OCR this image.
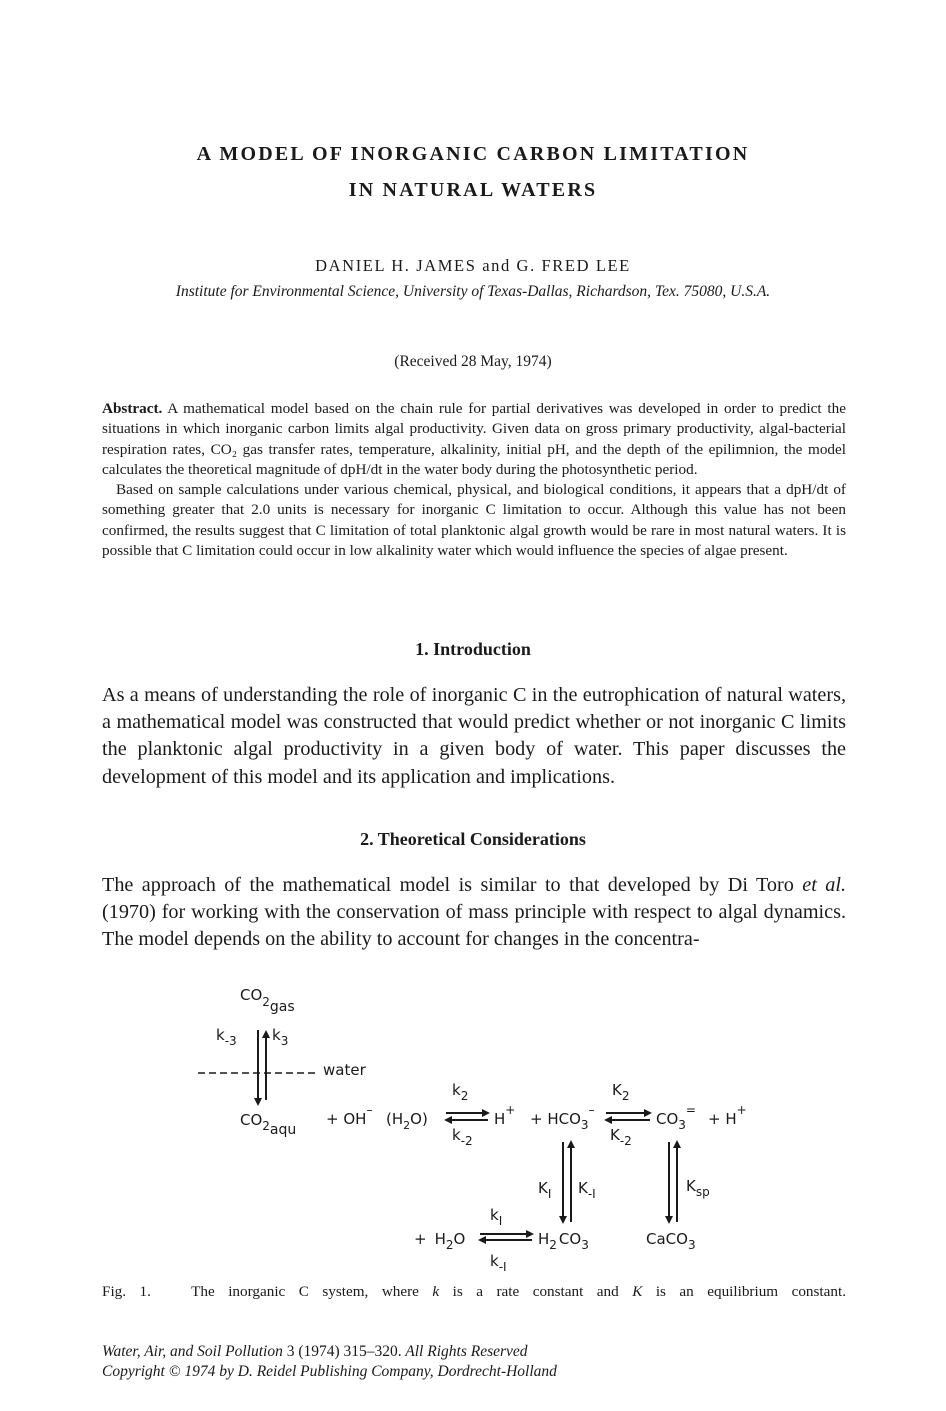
A MODEL OF INORGANIC CARBON LIMITATION
IN NATURAL WATERS
DANIEL H. JAMES and G. FRED LEE
Institute for Environmental Science, University of Texas-Dallas, Richardson, Tex. 75080, U.S.A.
(Received 28 May, 1974)

Abstract. A mathematical model based on the chain rule for partial derivatives was developed in order to predict the situations in which inorganic carbon limits algal productivity. Given data on gross primary productivity, algal-bacterial respiration rates, CO₂ gas transfer rates, temperature, alkalinity, initial pH, and the depth of the epilimnion, the model calculates the theoretical magnitude of dpH/dt in the water body during the photosynthetic period.

Based on sample calculations under various chemical, physical, and biological conditions, it appears that a dpH/dt of something greater that 2.0 units is necessary for inorganic C limitation to occur. Although this value has not been confirmed, the results suggest that C limitation of total planktonic algal growth would be rare in most natural waters. It is possible that C limitation could occur in low alkalinity water which would influence the species of algae present.

1. Introduction
As a means of understanding the role of inorganic C in the eutrophication of natural waters, a mathematical model was constructed that would predict whether or not inorganic C limits the planktonic algal productivity in a given body of water. This paper discusses the development of this model and its application and implications.
2. Theoretical Considerations
The approach of the mathematical model is similar to that developed by Di Toro et al. (1970) for working with the conservation of mass principle with respect to algal dynamics. The model depends on the ability to account for changes in the concentra-
$CO_2gas$
$k_{-3}$ $k_3$
water
$CO_2aqu$
+ OH– $(H_2O)$
$k_2$
$k_{-2}$
$H^+ + HCO_3^-$
$K_2$
$K_{-2}$
$CO_3^= + H^+$
$K_I$ $K_{-I}$	$K_{sp}$
+ $H_2O$
$k_I$
$k_{-I}$
$H_2$ $CO_3$	CaCO$_3$
Fig. 1.	The inorganic C system, where k is a rate constant and K is an equilibrium constant.
Water, Air, and Soil Pollution 3 (1974) 315–320. All Rights Reserved
Copyright © 1974 by D. Reidel Publishing Company, Dordrecht-Holland
